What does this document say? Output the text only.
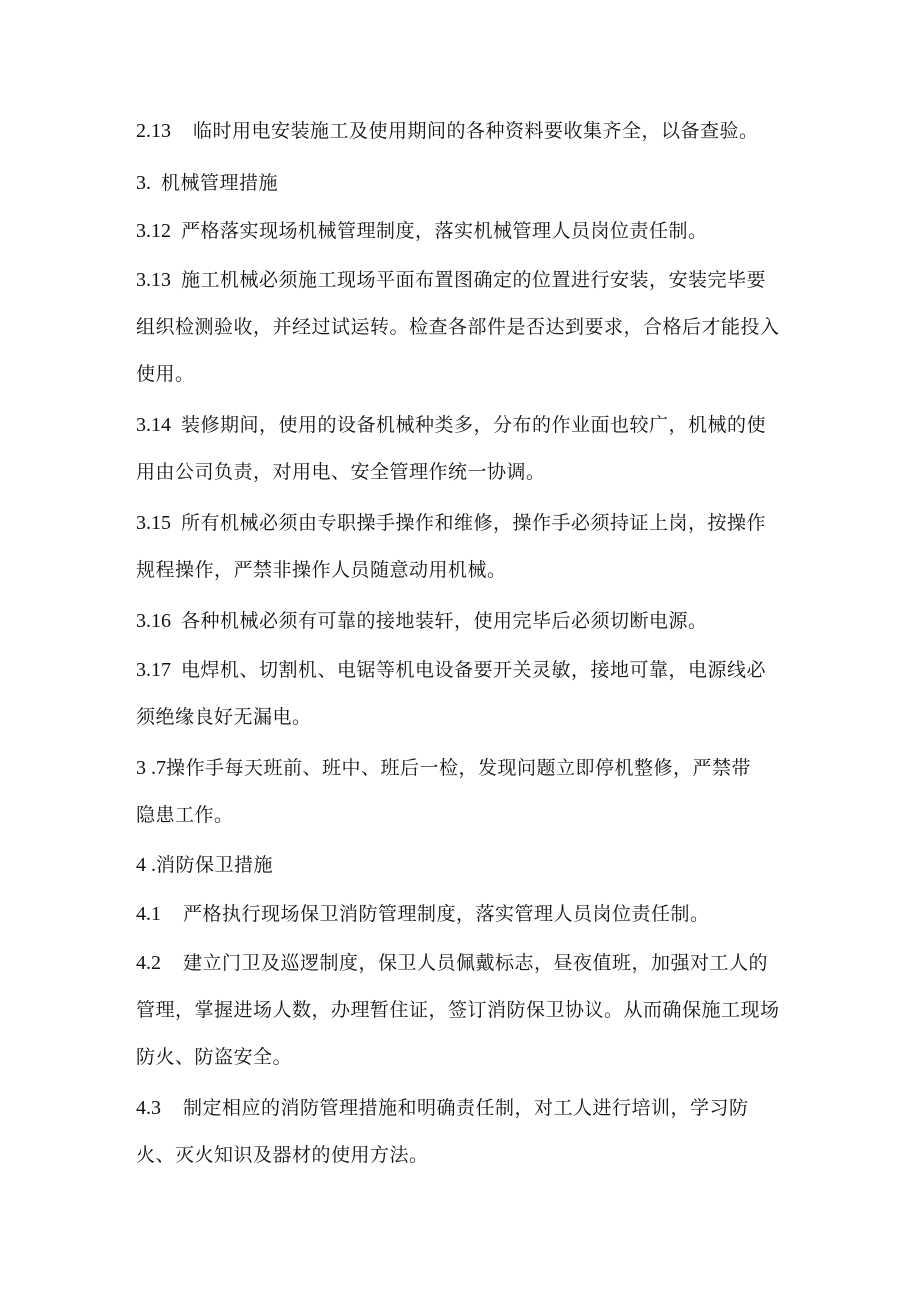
2.13 临时用电安装施工及使用期间的各种资料要收集齐全，以备查验。
3. 机械管理措施
3.12 严格落实现场机械管理制度，落实机械管理人员岗位责任制。
3.13 施工机械必须施工现场平面布置图确定的位置进行安装，安装完毕要
组织检测验收，并经过试运转。检查各部件是否达到要求，合格后才能投入
使用。
3.14 装修期间，使用的设备机械种类多，分布的作业面也较广，机械的使
用由公司负责，对用电、安全管理作统一协调。
3.15 所有机械必须由专职操手操作和维修，操作手必须持证上岗，按操作
规程操作，严禁非操作人员随意动用机械。
3.16 各种机械必须有可靠的接地装轩，使用完毕后必须切断电源。
3.17 电焊机、切割机、电锯等机电设备要开关灵敏，接地可靠，电源线必
须绝缘良好无漏电。
3 .7操作手每天班前、班中、班后一检，发现问题立即停机整修，严禁带
隐患工作。
4 .消防保卫措施
4.1 严格执行现场保卫消防管理制度，落实管理人员岗位责任制。
4.2 建立门卫及巡逻制度，保卫人员佩戴标志，昼夜值班，加强对工人的
管理，掌握进场人数，办理暂住证，签订消防保卫协议。从而确保施工现场
防火、防盗安全。
4.3 制定相应的消防管理措施和明确责任制，对工人进行培训，学习防
火、灭火知识及器材的使用方法。
